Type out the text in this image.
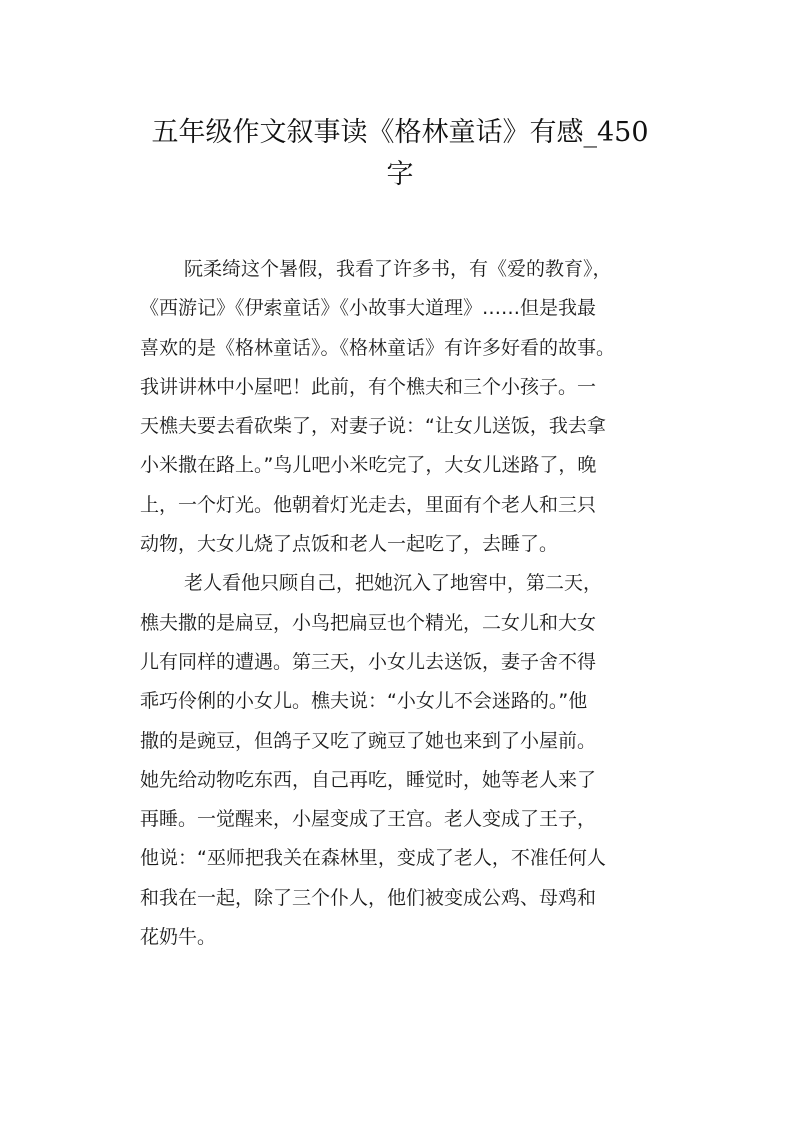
五年级作文叙事读《格林童话》有感_450
字
阮柔绮这个暑假，我看了许多书，有《爱的教育》，
《西游记》《伊索童话》《小故事大道理》……但是我最
喜欢的是《格林童话》。《格林童话》有许多好看的故事。
我讲讲林中小屋吧！此前，有个樵夫和三个小孩子。一
天樵夫要去看砍柴了，对妻子说：“让女儿送饭，我去拿
小米撒在路上。”鸟儿吧小米吃完了，大女儿迷路了，晚
上，一个灯光。他朝着灯光走去，里面有个老人和三只
动物，大女儿烧了点饭和老人一起吃了，去睡了。
老人看他只顾自己，把她沉入了地窖中，第二天，
樵夫撒的是扁豆，小鸟把扁豆也个精光，二女儿和大女
儿有同样的遭遇。第三天，小女儿去送饭，妻子舍不得
乖巧伶俐的小女儿。樵夫说：“小女儿不会迷路的。”他
撒的是豌豆，但鸽子又吃了豌豆了她也来到了小屋前。
她先给动物吃东西，自己再吃，睡觉时，她等老人来了
再睡。一觉醒来，小屋变成了王宫。老人变成了王子，
他说：“巫师把我关在森林里，变成了老人，不准任何人
和我在一起，除了三个仆人，他们被变成公鸡、母鸡和
花奶牛。
